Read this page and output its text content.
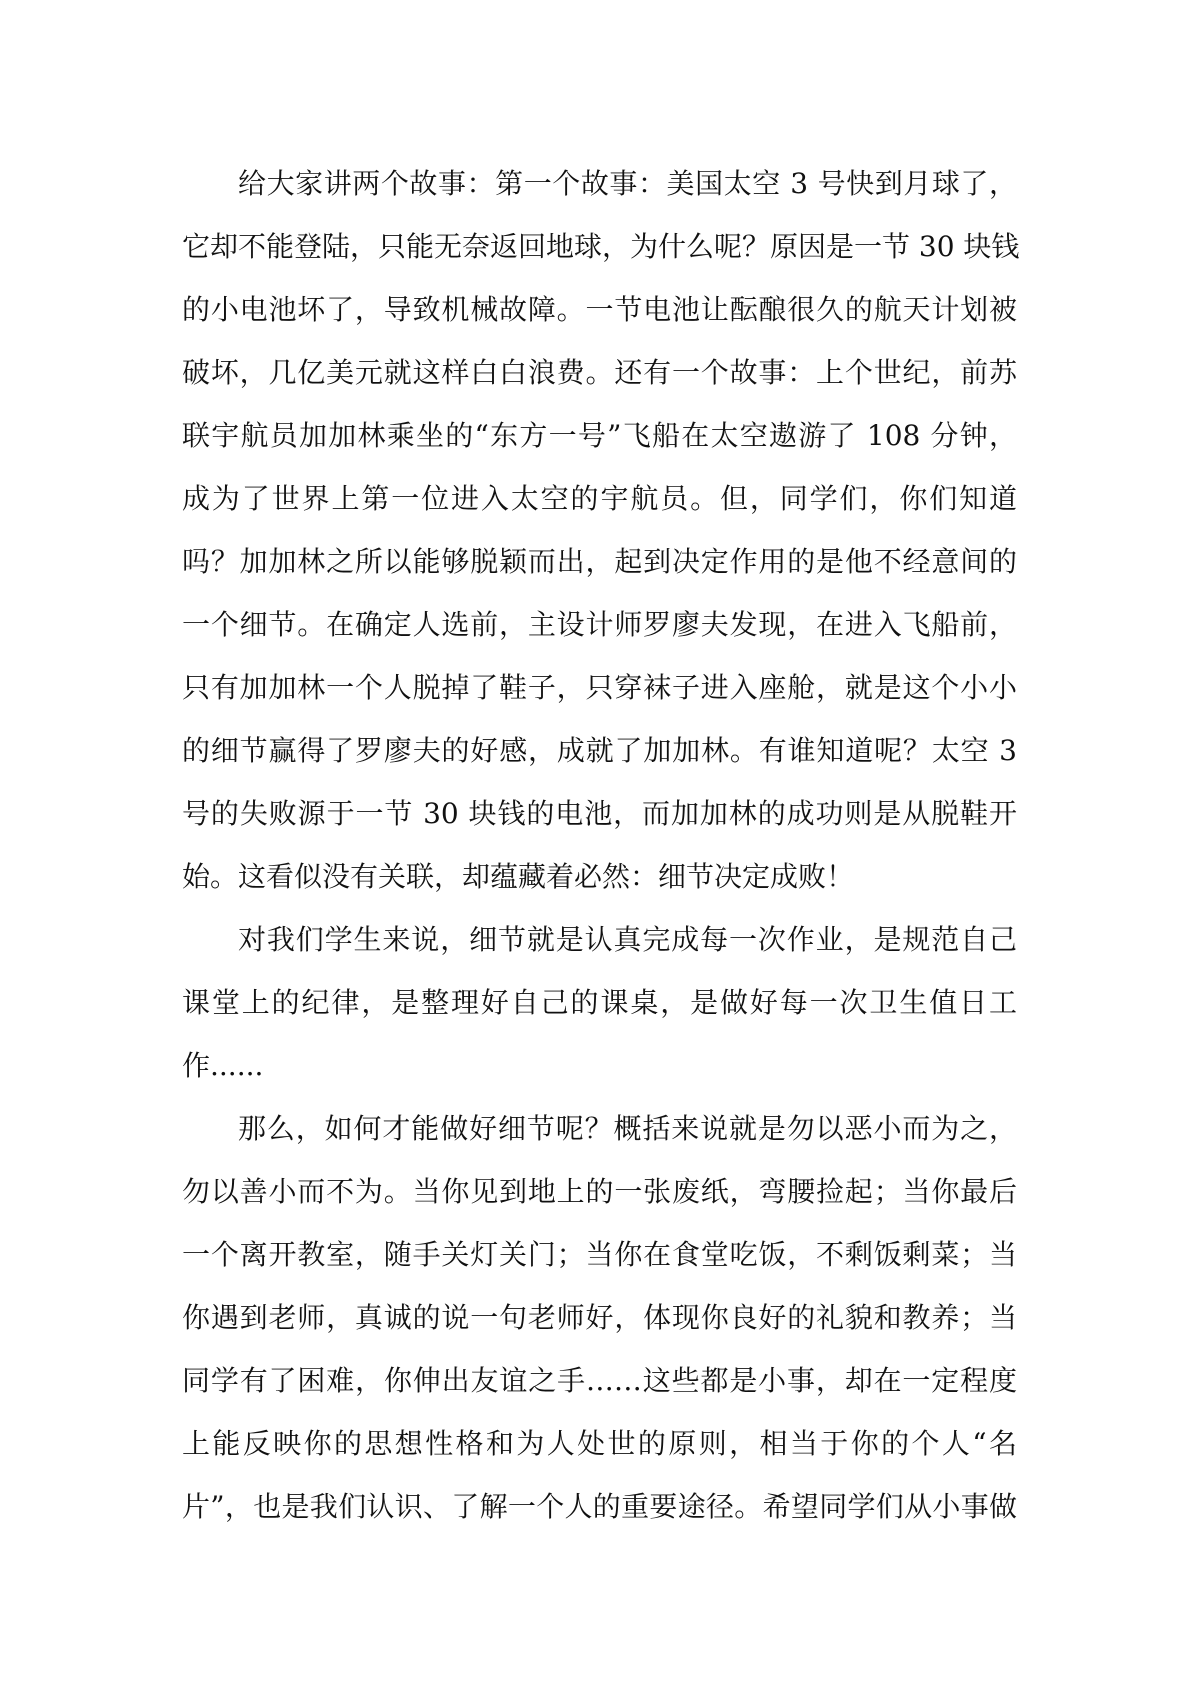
给大家讲两个故事：第一个故事：美国太空 3 号快到月球了，
它却不能登陆，只能无奈返回地球，为什么呢？原因是一节 30 块钱
的小电池坏了，导致机械故障。一节电池让酝酿很久的航天计划被
破坏，几亿美元就这样白白浪费。还有一个故事：上个世纪，前苏
联宇航员加加林乘坐的“东方一号”飞船在太空遨游了 108 分钟，
成为了世界上第一位进入太空的宇航员。但，同学们，你们知道
吗？加加林之所以能够脱颖而出，起到决定作用的是他不经意间的
一个细节。在确定人选前，主设计师罗廖夫发现，在进入飞船前，
只有加加林一个人脱掉了鞋子，只穿袜子进入座舱，就是这个小小
的细节赢得了罗廖夫的好感，成就了加加林。有谁知道呢？太空 3
号的失败源于一节 30 块钱的电池，而加加林的成功则是从脱鞋开
始。这看似没有关联，却蕴藏着必然：细节决定成败！
对我们学生来说，细节就是认真完成每一次作业，是规范自己
课堂上的纪律，是整理好自己的课桌，是做好每一次卫生值日工
作......
那么，如何才能做好细节呢？概括来说就是勿以恶小而为之，
勿以善小而不为。当你见到地上的一张废纸，弯腰捡起；当你最后
一个离开教室，随手关灯关门；当你在食堂吃饭，不剩饭剩菜；当
你遇到老师，真诚的说一句老师好，体现你良好的礼貌和教养；当
同学有了困难，你伸出友谊之手……这些都是小事，却在一定程度
上能反映你的思想性格和为人处世的原则，相当于你的个人“名
片”，也是我们认识、了解一个人的重要途径。希望同学们从小事做
